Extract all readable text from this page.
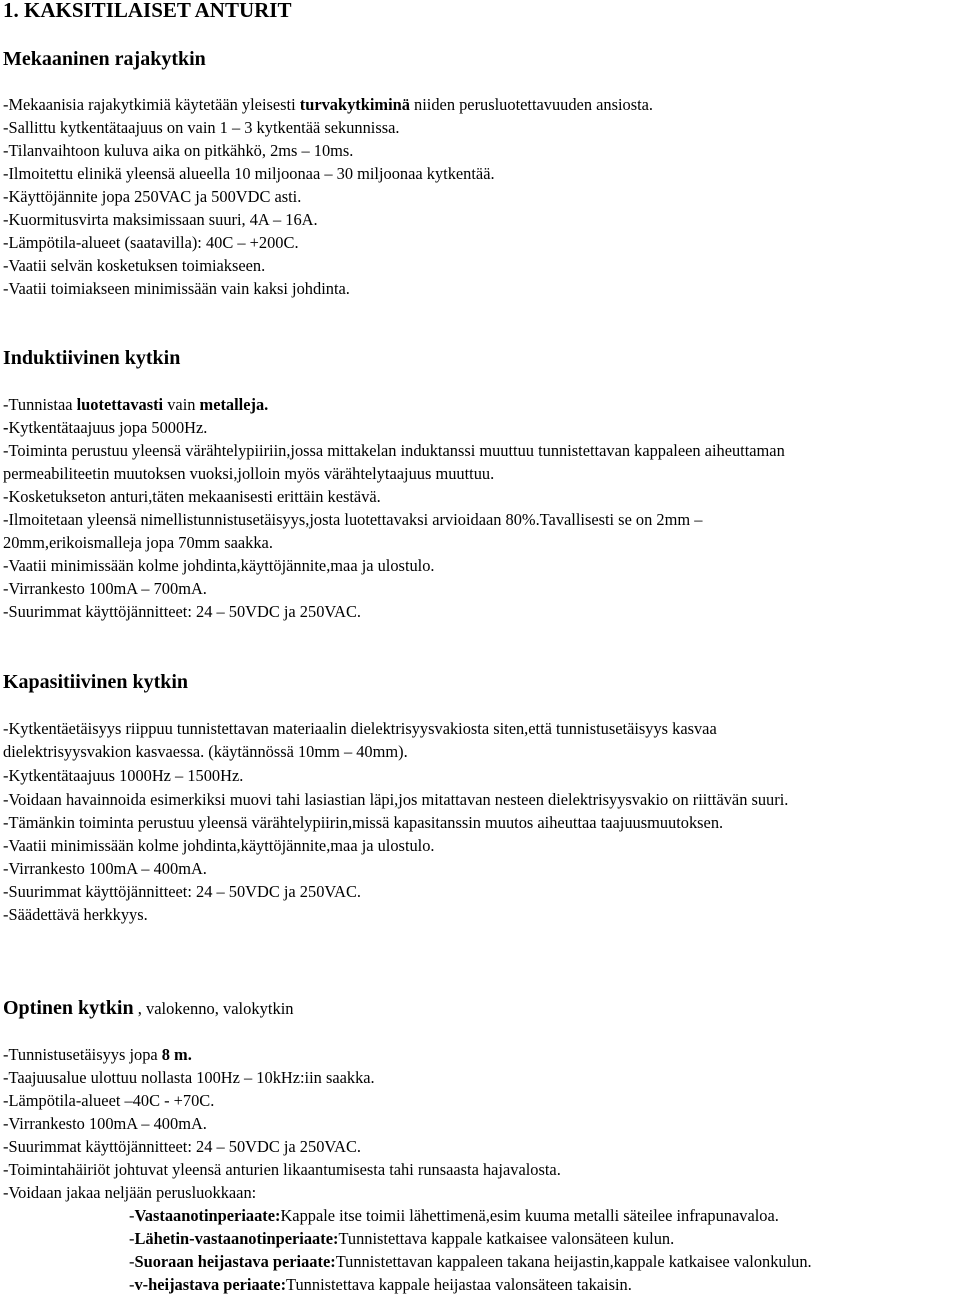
1. KAKSITILAISET ANTURIT
Mekaaninen rajakytkin
-Mekaanisia rajakytkimiä käytetään yleisesti turvakytkiminä niiden perusluotettavuuden ansiosta.
-Sallittu kytkentätaajuus on vain 1 – 3 kytkentää sekunnissa.
-Tilanvaihtoon kuluva aika on pitkähkö, 2ms – 10ms.
-Ilmoitettu elinikä yleensä alueella 10 miljoonaa – 30 miljoonaa kytkentää.
-Käyttöjännite jopa 250VAC ja 500VDC asti.
-Kuormitusvirta maksimissaan suuri, 4A – 16A.
-Lämpötila-alueet (saatavilla): 40C – +200C.
-Vaatii selvän kosketuksen toimiakseen.
-Vaatii toimiakseen minimissään vain kaksi johdinta.
Induktiivinen kytkin
-Tunnistaa luotettavasti vain metalleja.
-Kytkentätaajuus jopa 5000Hz.
-Toiminta perustuu yleensä värähtelypiiriin,jossa mittakelan induktanssi muuttuu tunnistettavan kappaleen aiheuttaman
permeabiliteetin muutoksen vuoksi,jolloin myös värähtelytaajuus muuttuu.
-Kosketukseton anturi,täten mekaanisesti erittäin kestävä.
-Ilmoitetaan yleensä nimellistunnistusetäisyys,josta luotettavaksi arvioidaan 80%.Tavallisesti se on 2mm –
20mm,erikoismalleja jopa 70mm saakka.
-Vaatii minimissään kolme johdinta,käyttöjännite,maa ja ulostulo.
-Virrankesto 100mA – 700mA.
-Suurimmat käyttöjännitteet: 24 – 50VDC ja 250VAC.
Kapasitiivinen kytkin
-Kytkentäetäisyys riippuu tunnistettavan materiaalin dielektrisyysvakiosta siten,että tunnistusetäisyys kasvaa
dielektrisyysvakion kasvaessa. (käytännössä 10mm – 40mm).
-Kytkentätaajuus 1000Hz – 1500Hz.
-Voidaan havainnoida esimerkiksi muovi tahi lasiastian läpi,jos mitattavan nesteen dielektrisyysvakio on riittävän suuri.
-Tämänkin toiminta perustuu yleensä värähtelypiirin,missä kapasitanssin muutos aiheuttaa taajuusmuutoksen.
-Vaatii minimissään kolme johdinta,käyttöjännite,maa ja ulostulo.
-Virrankesto 100mA – 400mA.
-Suurimmat käyttöjännitteet: 24 – 50VDC ja 250VAC.
-Säädettävä herkkyys.
Optinen kytkin , valokenno, valokytkin
-Tunnistusetäisyys jopa 8 m.
-Taajuusalue ulottuu nollasta 100Hz – 10kHz:iin saakka.
-Lämpötila-alueet –40C - +70C.
-Virrankesto 100mA – 400mA.
-Suurimmat käyttöjännitteet: 24 – 50VDC ja 250VAC.
-Toimintahäiriöt johtuvat yleensä anturien likaantumisesta tahi runsaasta hajavalosta.
-Voidaan jakaa neljään perusluokkaan:
-Vastaanotinperiaate:Kappale itse toimii lähettimenä,esim kuuma metalli säteilee infrapunavaloa.
-Lähetin-vastaanotinperiaate:Tunnistettava kappale katkaisee valonsäteen kulun.
-Suoraan heijastava periaate:Tunnistettavan kappaleen takana heijastin,kappale katkaisee valonkulun.
-v-heijastava periaate:Tunnistettava kappale heijastaa valonsäteen takaisin.
